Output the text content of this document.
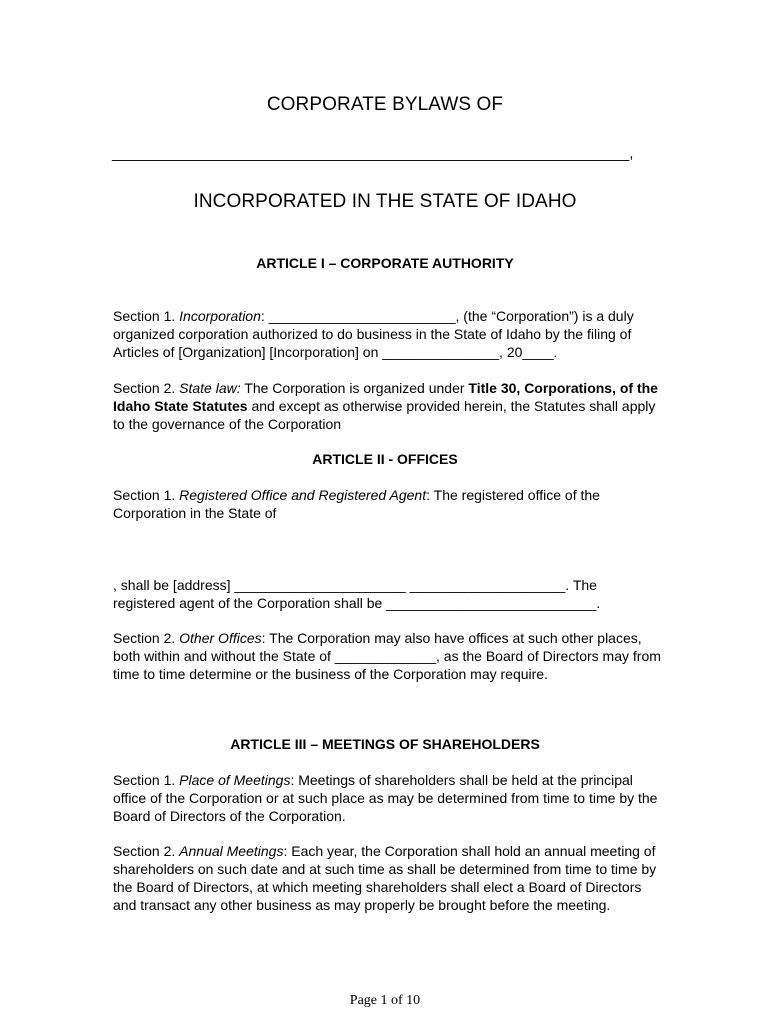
CORPORATE BYLAWS OF
______________________________________________________________,
INCORPORATED IN THE STATE OF IDAHO
ARTICLE I – CORPORATE AUTHORITY
Section 1. Incorporation: ________________________, (the “Corporation”) is a duly organized corporation authorized to do business in the State of Idaho by the filing of Articles of [Organization] [Incorporation] on _______________, 20____.
Section 2. State law: The Corporation is organized under Title 30, Corporations, of the Idaho State Statutes and except as otherwise provided herein, the Statutes shall apply to the governance of the Corporation
ARTICLE II - OFFICES
Section 1. Registered Office and Registered Agent: The registered office of the Corporation in the State of
, shall be [address] ______________________ ____________________. The registered agent of the Corporation shall be ___________________________.
Section 2. Other Offices: The Corporation may also have offices at such other places, both within and without the State of _____________, as the Board of Directors may from time to time determine or the business of the Corporation may require.
ARTICLE III – MEETINGS OF SHAREHOLDERS
Section 1. Place of Meetings: Meetings of shareholders shall be held at the principal office of the Corporation or at such place as may be determined from time to time by the Board of Directors of the Corporation.
Section 2. Annual Meetings: Each year, the Corporation shall hold an annual meeting of shareholders on such date and at such time as shall be determined from time to time by the Board of Directors, at which meeting shareholders shall elect a Board of Directors and transact any other business as may properly be brought before the meeting.
Page 1 of 10
